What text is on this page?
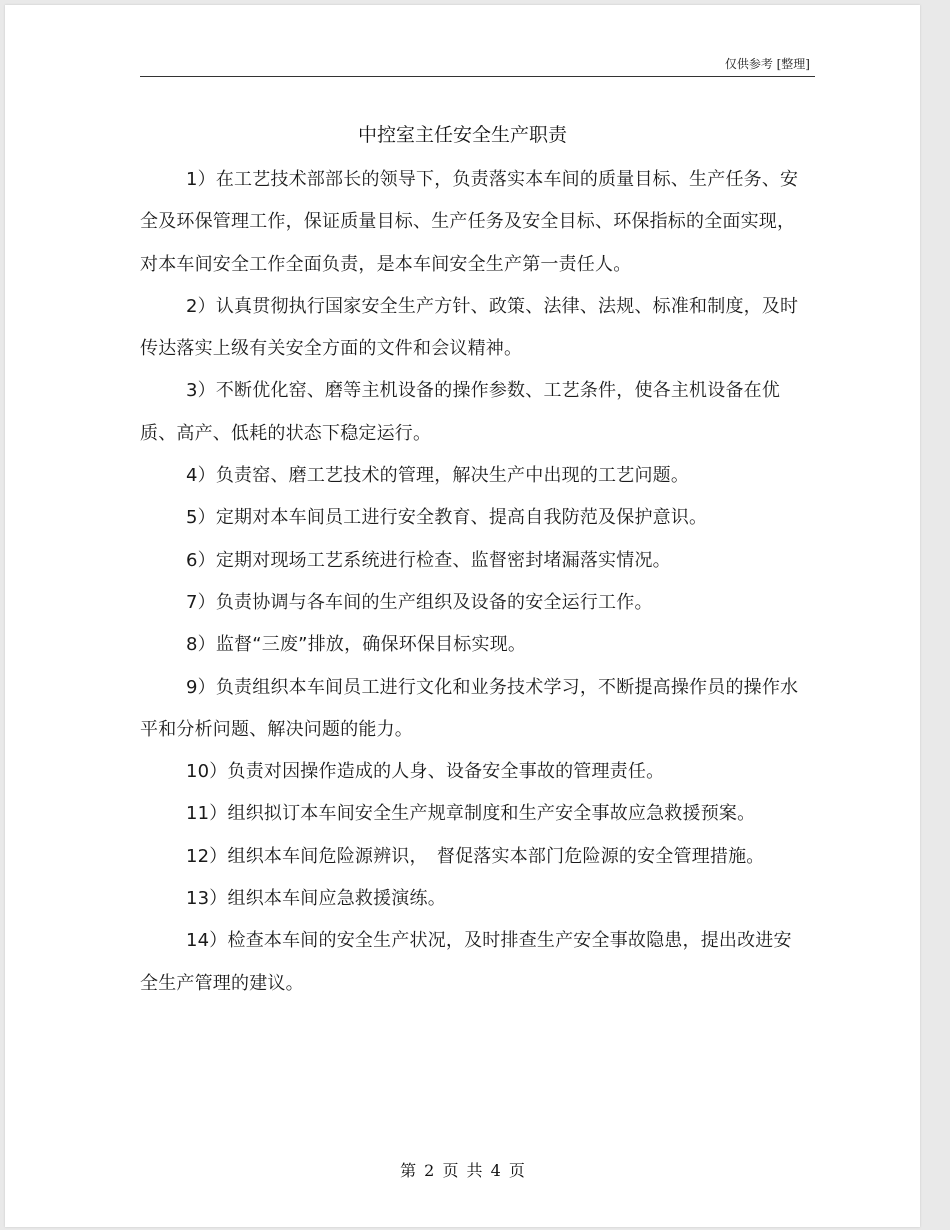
仅供参考 [整理]
中控室主任安全生产职责

1）在工艺技术部部长的领导下，负责落实本车间的质量目标、生产任务、安全及环保管理工作，保证质量目标、生产任务及安全目标、环保指标的全面实现，对本车间安全工作全面负责，是本车间安全生产第一责任人。

2）认真贯彻执行国家安全生产方针、政策、法律、法规、标准和制度，及时传达落实上级有关安全方面的文件和会议精神。

3）不断优化窑、磨等主机设备的操作参数、工艺条件，使各主机设备在优质、高产、低耗的状态下稳定运行。

4）负责窑、磨工艺技术的管理，解决生产中出现的工艺问题。

5）定期对本车间员工进行安全教育、提高自我防范及保护意识。

6）定期对现场工艺系统进行检查、监督密封堵漏落实情况。

7）负责协调与各车间的生产组织及设备的安全运行工作。

8）监督“三废”排放，确保环保目标实现。

9）负责组织本车间员工进行文化和业务技术学习，不断提高操作员的操作水平和分析问题、解决问题的能力。

10）负责对因操作造成的人身、设备安全事故的管理责任。

11）组织拟订本车间安全生产规章制度和生产安全事故应急救援预案。

12）组织本车间危险源辨识，　督促落实本部门危险源的安全管理措施。

13）组织本车间应急救援演练。

14）检查本车间的安全生产状况，及时排查生产安全事故隐患，提出改进安全生产管理的建议。

第 2 页 共 4 页
